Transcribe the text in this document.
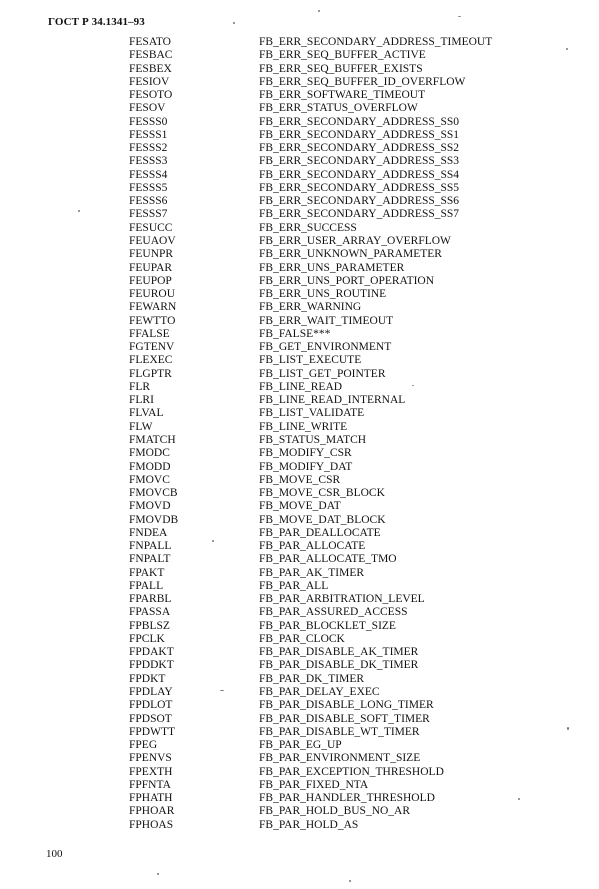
ГОСТ Р 34.1341–93
FESATO	FB_ERR_SECONDARY_ADDRESS_TIMEOUT
FESBAC	FB_ERR_SEQ_BUFFER_ACTIVE
FESBEX	FB_ERR_SEQ_BUFFER_EXISTS
FESIOV	FB_ERR_SEQ_BUFFER_ID_OVERFLOW
FESOTO	FB_ERR_SOFTWARE_TIMEOUT
FESOV	FB_ERR_STATUS_OVERFLOW
FESSS0	FB_ERR_SECONDARY_ADDRESS_SS0
FESSS1	FB_ERR_SECONDARY_ADDRESS_SS1
FESSS2	FB_ERR_SECONDARY_ADDRESS_SS2
FESSS3	FB_ERR_SECONDARY_ADDRESS_SS3
FESSS4	FB_ERR_SECONDARY_ADDRESS_SS4
FESSS5	FB_ERR_SECONDARY_ADDRESS_SS5
FESSS6	FB_ERR_SECONDARY_ADDRESS_SS6
FESSS7	FB_ERR_SECONDARY_ADDRESS_SS7
FESUCC	FB_ERR_SUCCESS
FEUAOV	FB_ERR_USER_ARRAY_OVERFLOW
FEUNPR	FB_ERR_UNKNOWN_PARAMETER
FEUPAR	FB_ERR_UNS_PARAMETER
FEUPOP	FB_ERR_UNS_PORT_OPERATION
FEUROU	FB_ERR_UNS_ROUTINE
FEWARN	FB_ERR_WARNING
FEWTTO	FB_ERR_WAIT_TIMEOUT
FFALSE	FB_FALSE***
FGTENV	FB_GET_ENVIRONMENT
FLEXEC	FB_LIST_EXECUTE
FLGPTR	FB_LIST_GET_POINTER
FLR	FB_LINE_READ
FLRI	FB_LINE_READ_INTERNAL
FLVAL	FB_LIST_VALIDATE
FLW	FB_LINE_WRITE
FMATCH	FB_STATUS_MATCH
FMODC	FB_MODIFY_CSR
FMODD	FB_MODIFY_DAT
FMOVC	FB_MOVE_CSR
FMOVCB	FB_MOVE_CSR_BLOCK
FMOVD	FB_MOVE_DAT
FMOVDB	FB_MOVE_DAT_BLOCK
FNDEA	FB_PAR_DEALLOCATE
FNPALL	FB_PAR_ALLOCATE
FNPALT	FB_PAR_ALLOCATE_TMO
FPAKT	FB_PAR_AK_TIMER
FPALL	FB_PAR_ALL
FPARBL	FB_PAR_ARBITRATION_LEVEL
FPASSA	FB_PAR_ASSURED_ACCESS
FPBLSZ	FB_PAR_BLOCKLET_SIZE
FPCLK	FB_PAR_CLOCK
FPDAKT	FB_PAR_DISABLE_AK_TIMER
FPDDKT	FB_PAR_DISABLE_DK_TIMER
FPDKT	FB_PAR_DK_TIMER
FPDLAY	FB_PAR_DELAY_EXEC
FPDLOT	FB_PAR_DISABLE_LONG_TIMER
FPDSOT	FB_PAR_DISABLE_SOFT_TIMER
FPDWTT	FB_PAR_DISABLE_WT_TIMER
FPEG	FB_PAR_EG_UP
FPENVS	FB_PAR_ENVIRONMENT_SIZE
FPEXTH	FB_PAR_EXCEPTION_THRESHOLD
FPFNTA	FB_PAR_FIXED_NTA
FPHATH	FB_PAR_HANDLER_THRESHOLD
FPHOAR	FB_PAR_HOLD_BUS_NO_AR
FPHOAS	FB_PAR_HOLD_AS
100
